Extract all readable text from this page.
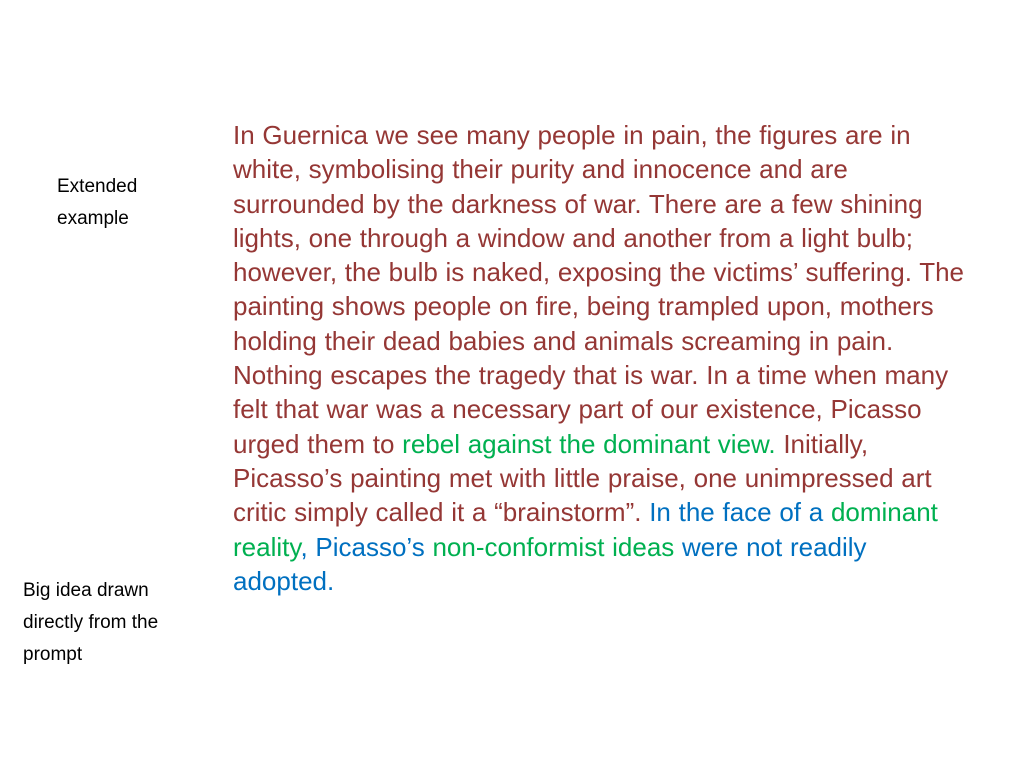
Extended example
Big idea drawn directly from the prompt

In Guernica we see many people in pain, the figures are in white, symbolising their purity and innocence and are surrounded by the darkness of war. There are a few shining lights, one through a window and another from a light bulb; however, the bulb is naked, exposing the victims’ suffering. The painting shows people on fire, being trampled upon, mothers holding their dead babies and animals screaming in pain. Nothing escapes the tragedy that is war. In a time when many felt that war was a necessary part of our existence, Picasso urged them to rebel against the dominant view. Initially, Picasso’s painting met with little praise, one unimpressed art critic simply called it a “brainstorm”. In the face of a dominant reality, Picasso’s non-conformist ideas were not readily adopted.
